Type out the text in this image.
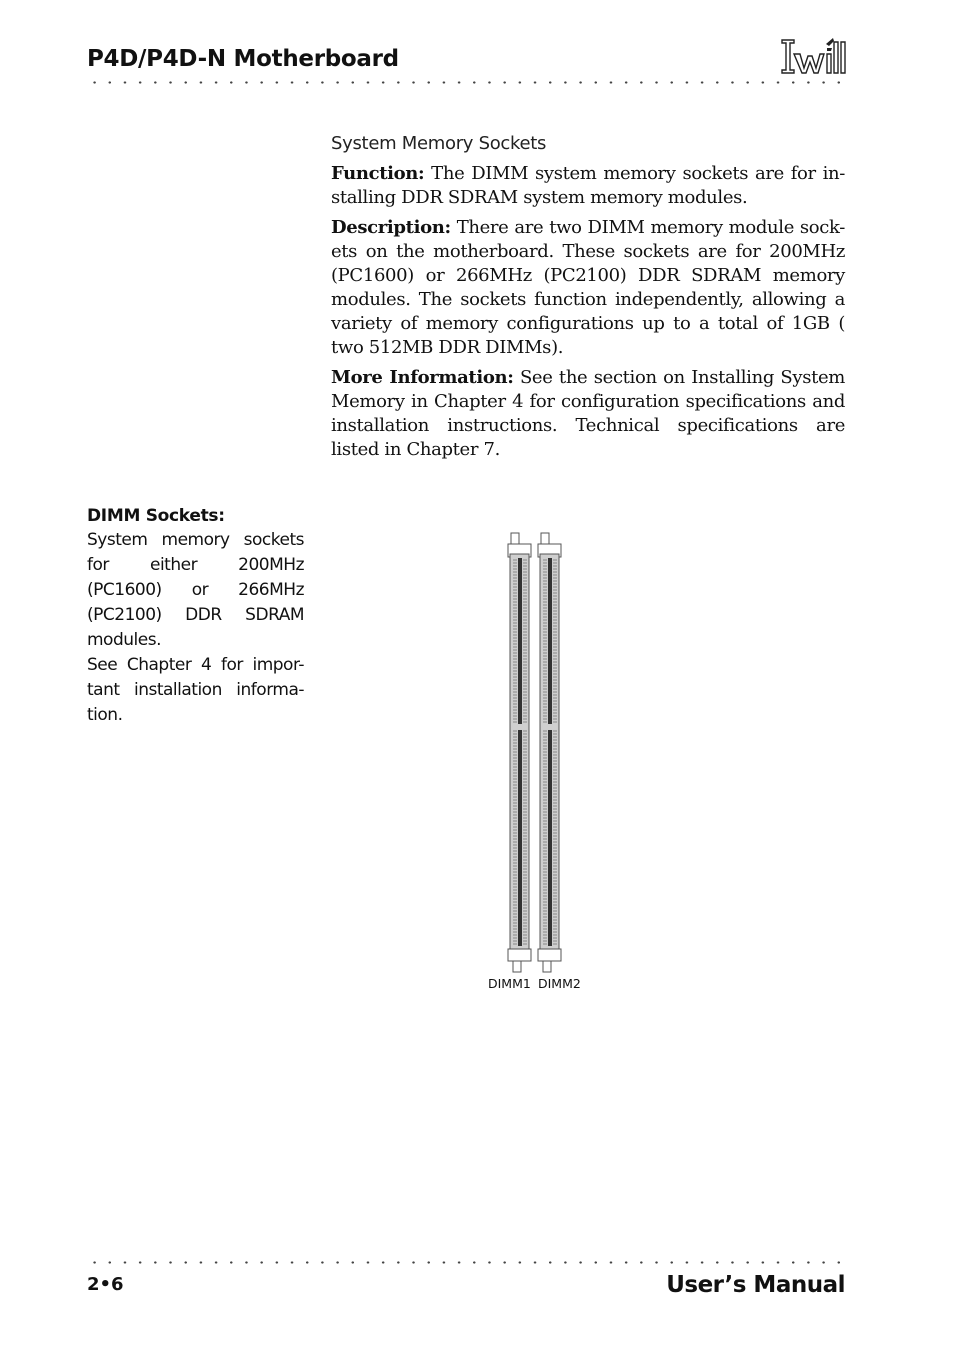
P4D/P4D-N Motherboard
System Memory Sockets

Function: The DIMM system memory sockets are for in-stalling DDR SDRAM system memory modules.

Description: There are two DIMM memory module sock-ets on the motherboard. These sockets are for 200MHz (PC1600) or 266MHz (PC2100) DDR SDRAM memory modules. The sockets function independently, allowing a variety of memory configurations up to a total of 1GB ( two 512MB DDR DIMMs).

More Information: See the section on Installing System Memory in Chapter 4 for configuration specifications and installation instructions. Technical specifications are listed in Chapter 7.

DIMM Sockets:

System memory sockets for either 200MHz (PC1600) or 266MHz (PC2100) DDR SDRAM modules.

See Chapter 4 for impor-tant installation informa-tion.

DIMM1 DIMM2
2•6	User’s Manual
